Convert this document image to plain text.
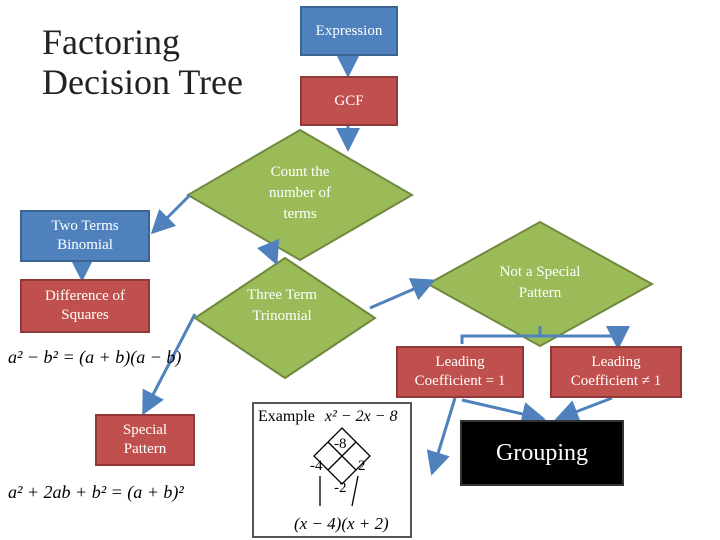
Factoring
Decision Tree
Expression
GCF
Two Terms Binomial
Difference of Squares
Leading Coefficient = 1
Leading Coefficient ≠ 1
Special Pattern	Grouping
Count the number of terms
Three Term Trinomial
Not a Special Pattern
a² − b² = (a + b)(a − b)
a² + 2ab + b² = (a + b)²
Example x² − 2x − 8
-8
-4 2
-2
(x − 4)(x + 2)
